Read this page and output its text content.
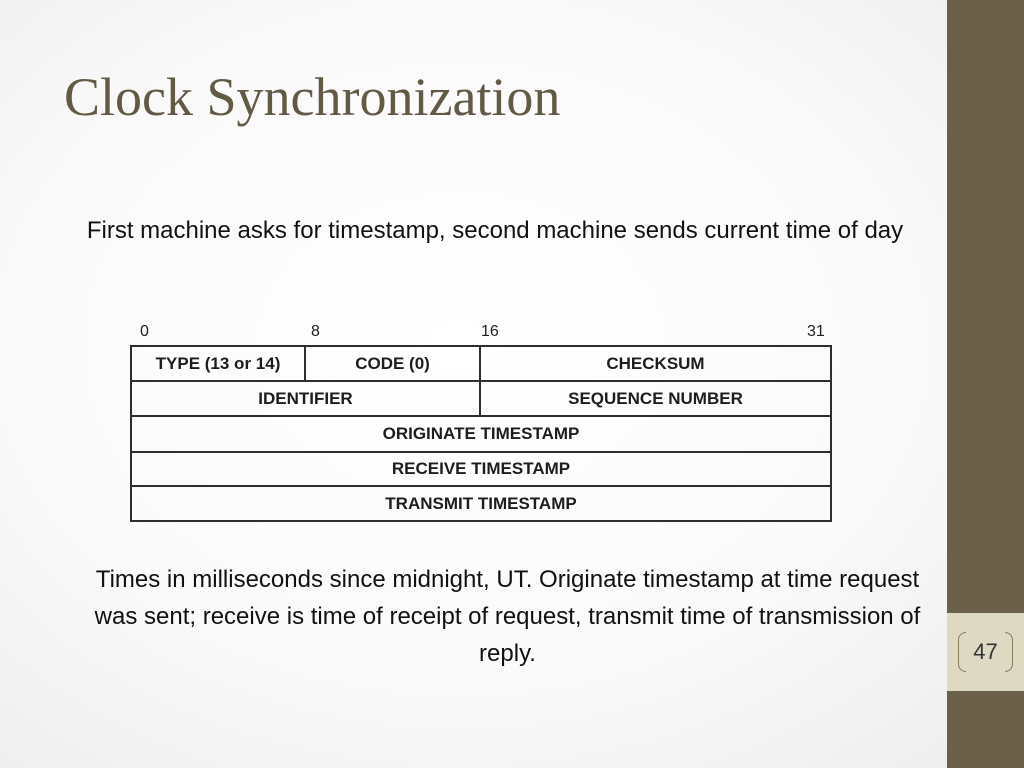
47
Clock Synchronization

First machine asks for timestamp, second machine sends current time of day

0	8	16	31
TYPE (13 or 14)	CODE (0)	CHECKSUM
IDENTIFIER	SEQUENCE NUMBER
ORIGINATE TIMESTAMP
RECEIVE TIMESTAMP
TRANSMIT TIMESTAMP

Times in milliseconds since midnight, UT. Originate timestamp at time request was sent; receive is time of receipt of request, transmit time of transmission of reply.
